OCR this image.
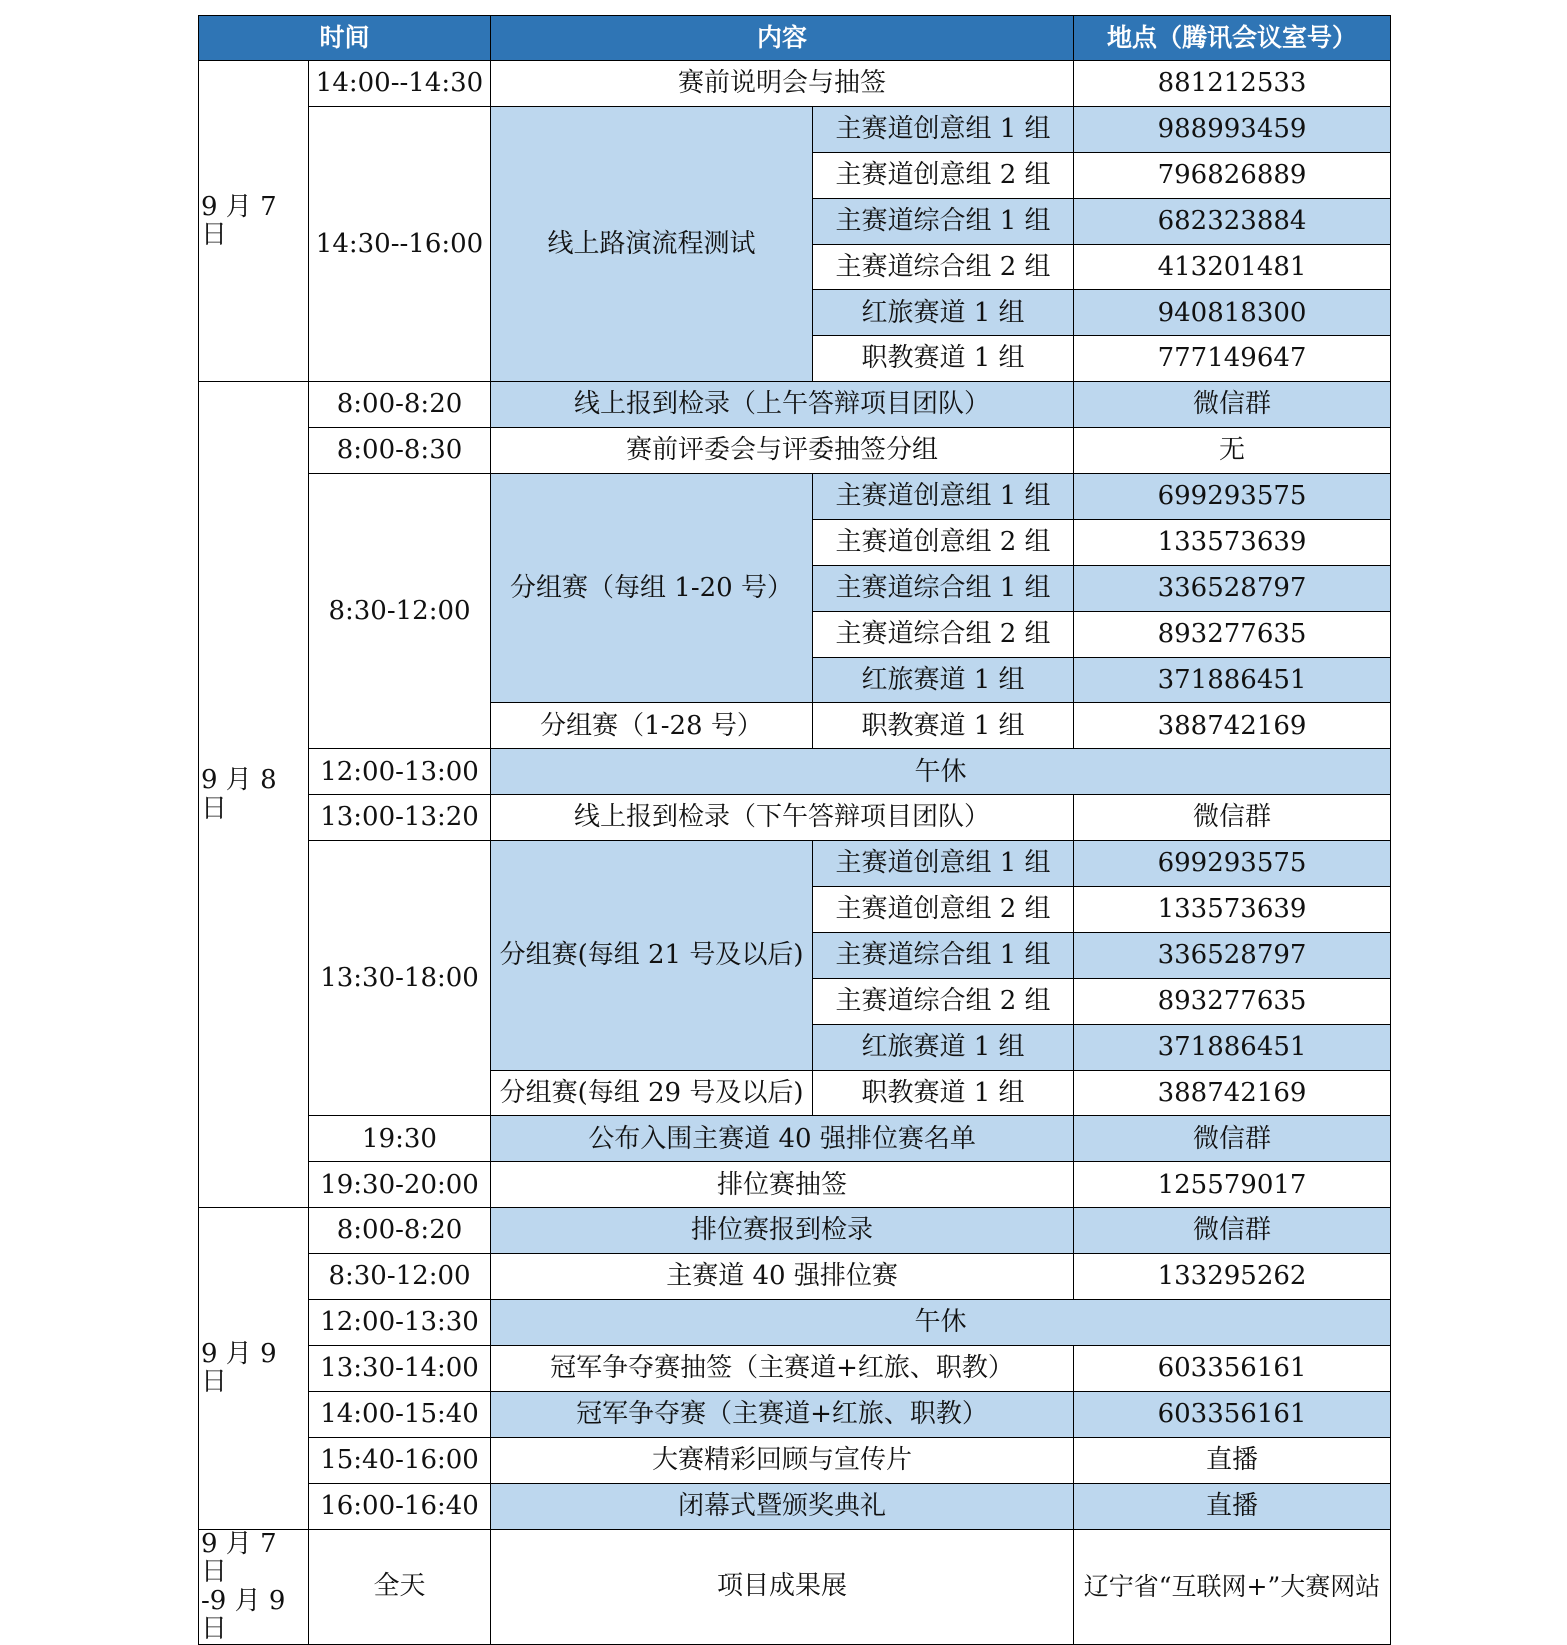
时间		内容		地点（腾讯会议室号）
9 月 7 日	14:00--14:30	赛前说明会与抽签		881212533
	14:30--16:00	线上路演流程测试	主赛道创意组 1 组	988993459
			主赛道创意组 2 组	796826889
			主赛道综合组 1 组	682323884
			主赛道综合组 2 组	413201481
			红旅赛道 1 组	940818300
			职教赛道 1 组	777149647
9 月 8 日	8:00-8:20	线上报到检录（上午答辩项目团队）		微信群
	8:00-8:30	赛前评委会与评委抽签分组		无
	8:30-12:00	分组赛（每组 1-20 号）	主赛道创意组 1 组	699293575
			主赛道创意组 2 组	133573639
			主赛道综合组 1 组	336528797
			主赛道综合组 2 组	893277635
			红旅赛道 1 组	371886451
		分组赛（1-28 号）	职教赛道 1 组	388742169
	12:00-13:00	午休		
	13:00-13:20	线上报到检录（下午答辩项目团队）		微信群
	13:30-18:00	分组赛(每组 21 号及以后)	主赛道创意组 1 组	699293575
			主赛道创意组 2 组	133573639
			主赛道综合组 1 组	336528797
			主赛道综合组 2 组	893277635
			红旅赛道 1 组	371886451
		分组赛(每组 29 号及以后)	职教赛道 1 组	388742169
	19:30	公布入围主赛道 40 强排位赛名单		微信群
	19:30-20:00	排位赛抽签		125579017
9 月 9 日	8:00-8:20	排位赛报到检录		微信群
	8:30-12:00	主赛道 40 强排位赛		133295262
	12:00-13:30	午休		
	13:30-14:00	冠军争夺赛抽签（主赛道+红旅、职教）		603356161
	14:00-15:40	冠军争夺赛（主赛道+红旅、职教）		603356161
	15:40-16:00	大赛精彩回顾与宣传片		直播
	16:00-16:40	闭幕式暨颁奖典礼		直播

9 月 7 日
-9 月 9 日	全天	项目成果展		辽宁省“互联网+”大赛网站
